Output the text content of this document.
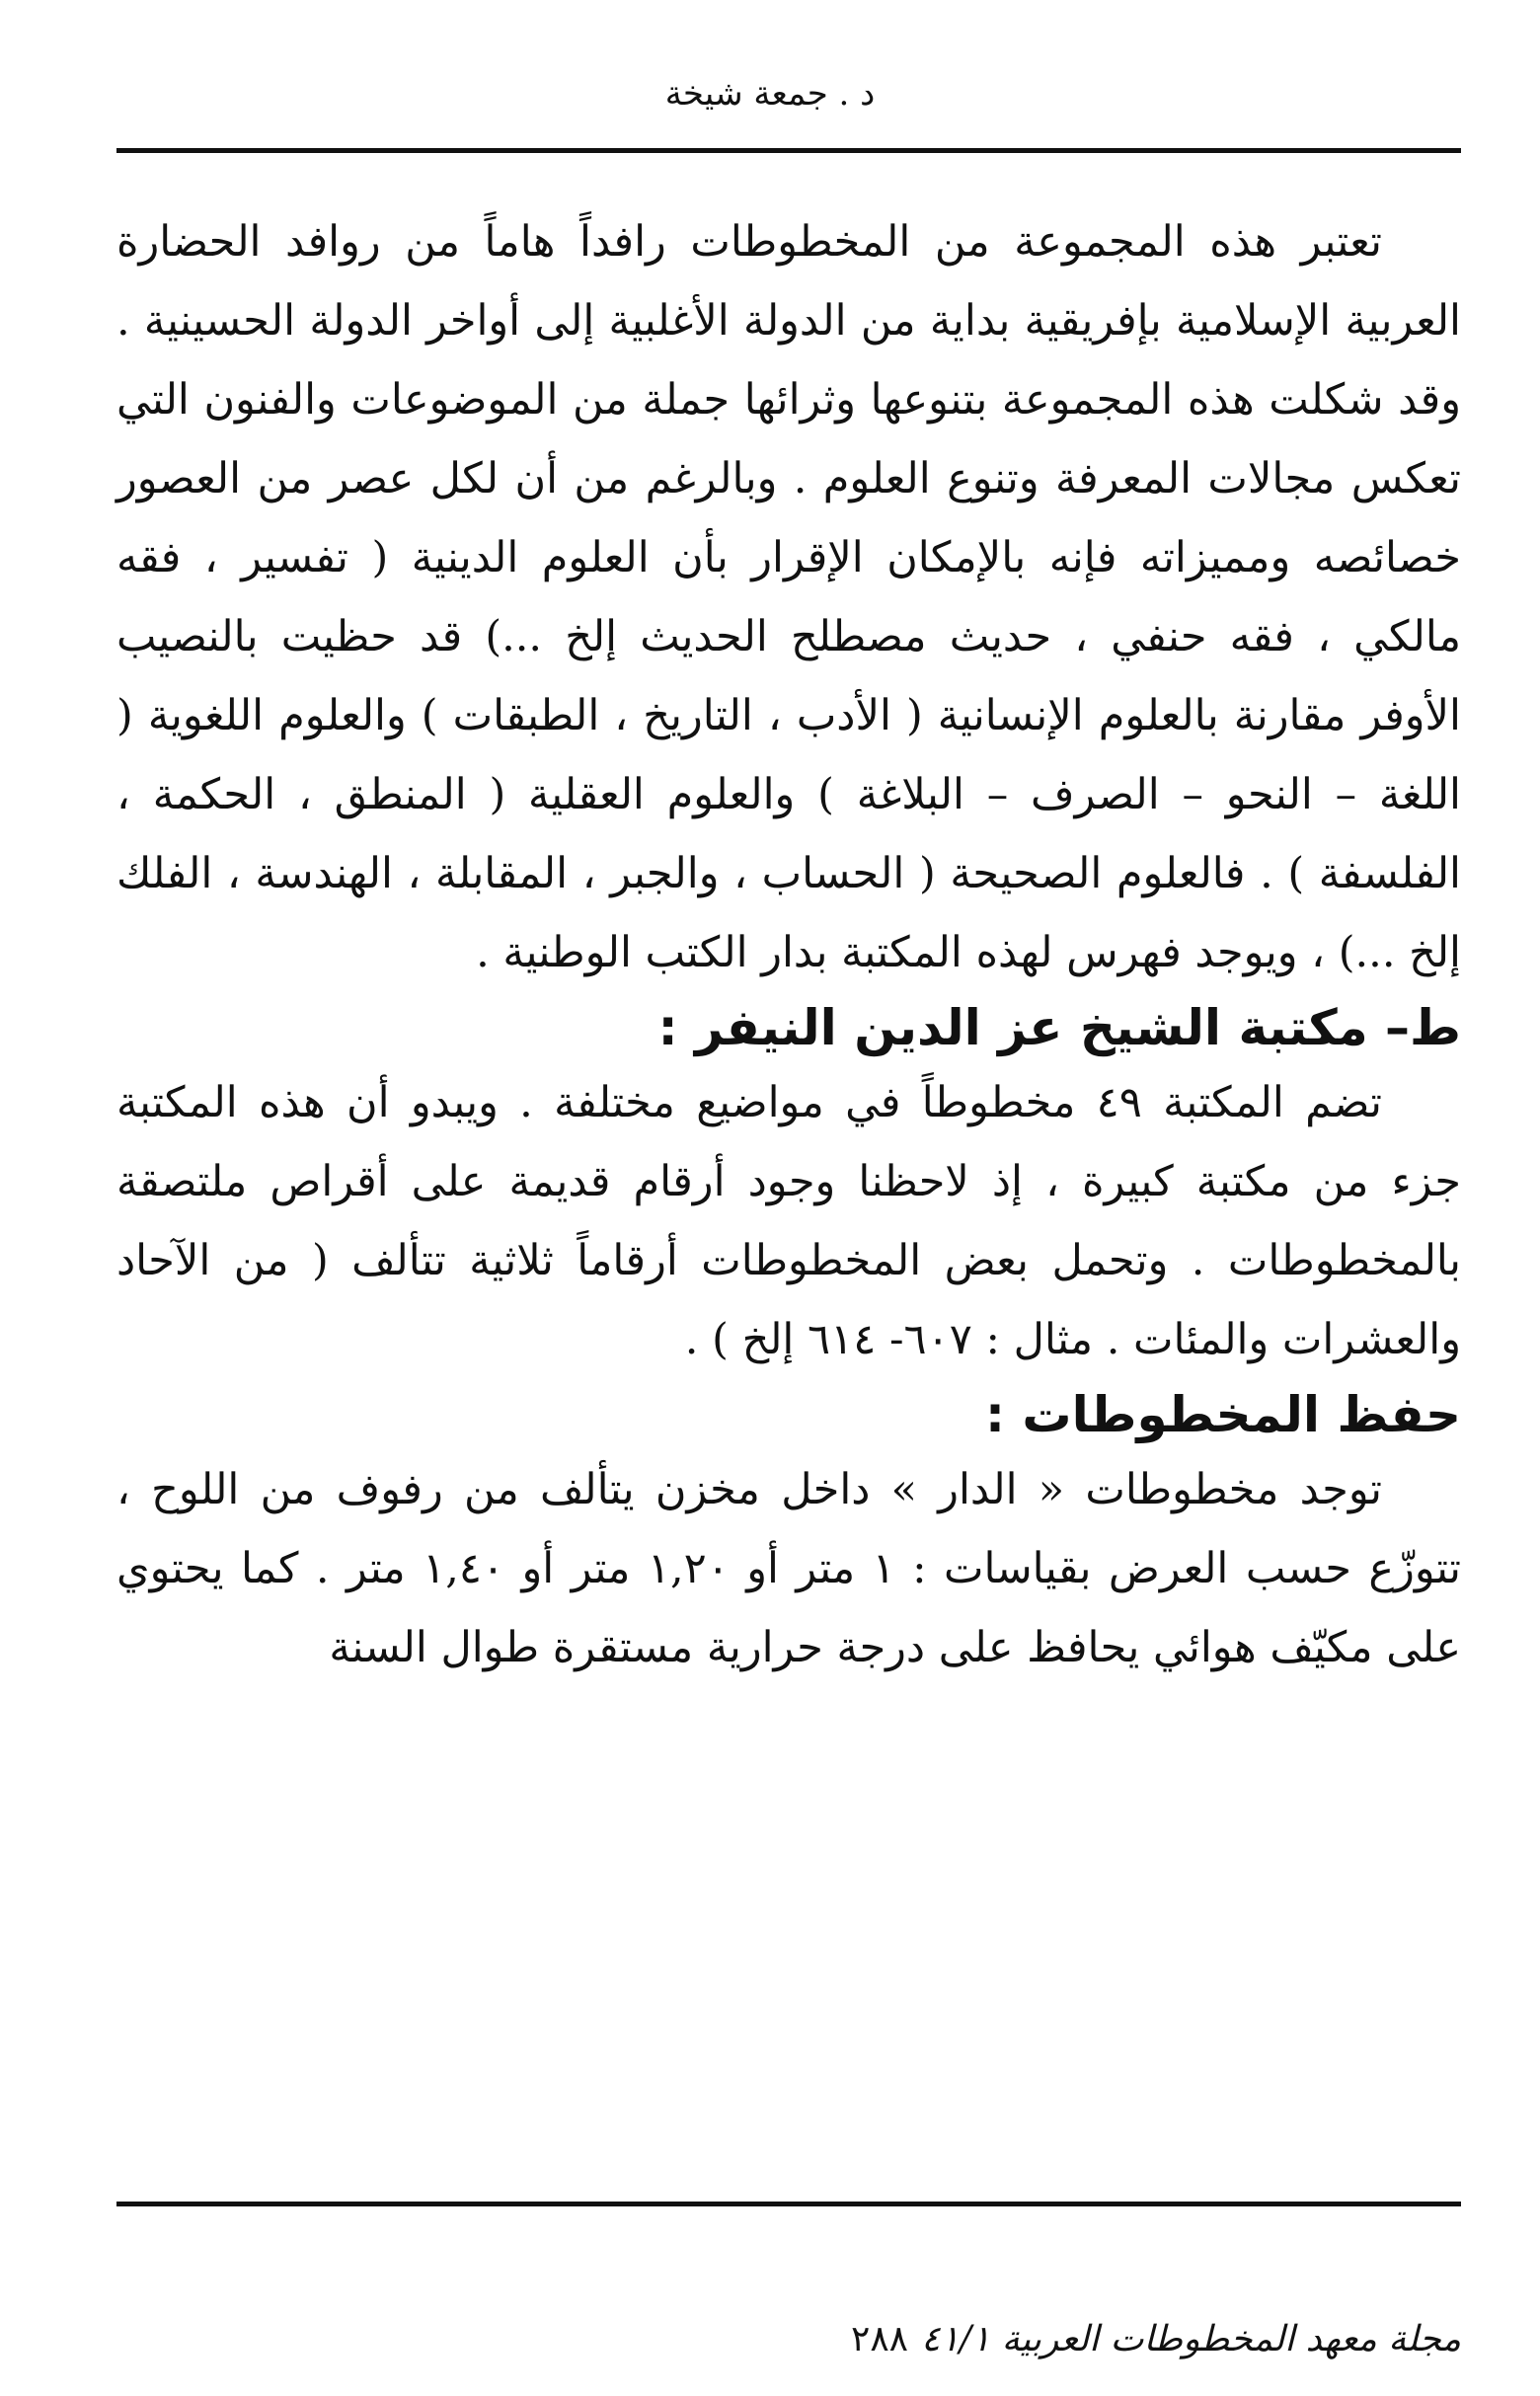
د . جمعة شيخة

تعتبر هذه المجموعة من المخطوطات رافداً هاماً من روافد الحضارة العربية الإسلامية بإفريقية بداية من الدولة الأغلبية إلى أواخر الدولة الحسينية . وقد شكلت هذه المجموعة بتنوعها وثرائها جملة من الموضوعات والفنون التي تعكس مجالات المعرفة وتنوع العلوم . وبالرغم من أن لكل عصر من العصور خصائصه ومميزاته فإنه بالإمكان الإقرار بأن العلوم الدينية ( تفسير ، فقه مالكي ، فقه حنفي ، حديث مصطلح الحديث إلخ ...) قد حظيت بالنصيب الأوفر مقارنة بالعلوم الإنسانية ( الأدب ، التاريخ ، الطبقات ) والعلوم اللغوية ( اللغة – النحو – الصرف – البلاغة ) والعلوم العقلية ( المنطق ، الحكمة ، الفلسفة ) . فالعلوم الصحيحة ( الحساب ، والجبر ، المقابلة ، الهندسة ، الفلك إلخ ...) ، ويوجد فهرس لهذه المكتبة بدار الكتب الوطنية .

ط– مكتبة الشيخ عز الدين النيفر :

تضم المكتبة ٤٩ مخطوطاً في مواضيع مختلفة . ويبدو أن هذه المكتبة جزء من مكتبة كبيرة ، إذ لاحظنا وجود أرقام قديمة على أقراص ملتصقة بالمخطوطات . وتحمل بعض المخطوطات أرقاماً ثلاثية تتألف ( من الآحاد والعشرات والمئات . مثال : ٦٠٧- ٦١٤ إلخ ) .

حفظ المخطوطات :

توجد مخطوطات « الدار » داخل مخزن يتألف من رفوف من اللوح ، تتوزّع حسب العرض بقياسات : ١ متر أو ١,٢٠ متر أو ١,٤٠ متر . كما يحتوي على مكيّف هوائي يحافظ على درجة حرارية مستقرة طوال السنة

مجلة معهد المخطوطات العربية ٤١/١
٢٨٨
